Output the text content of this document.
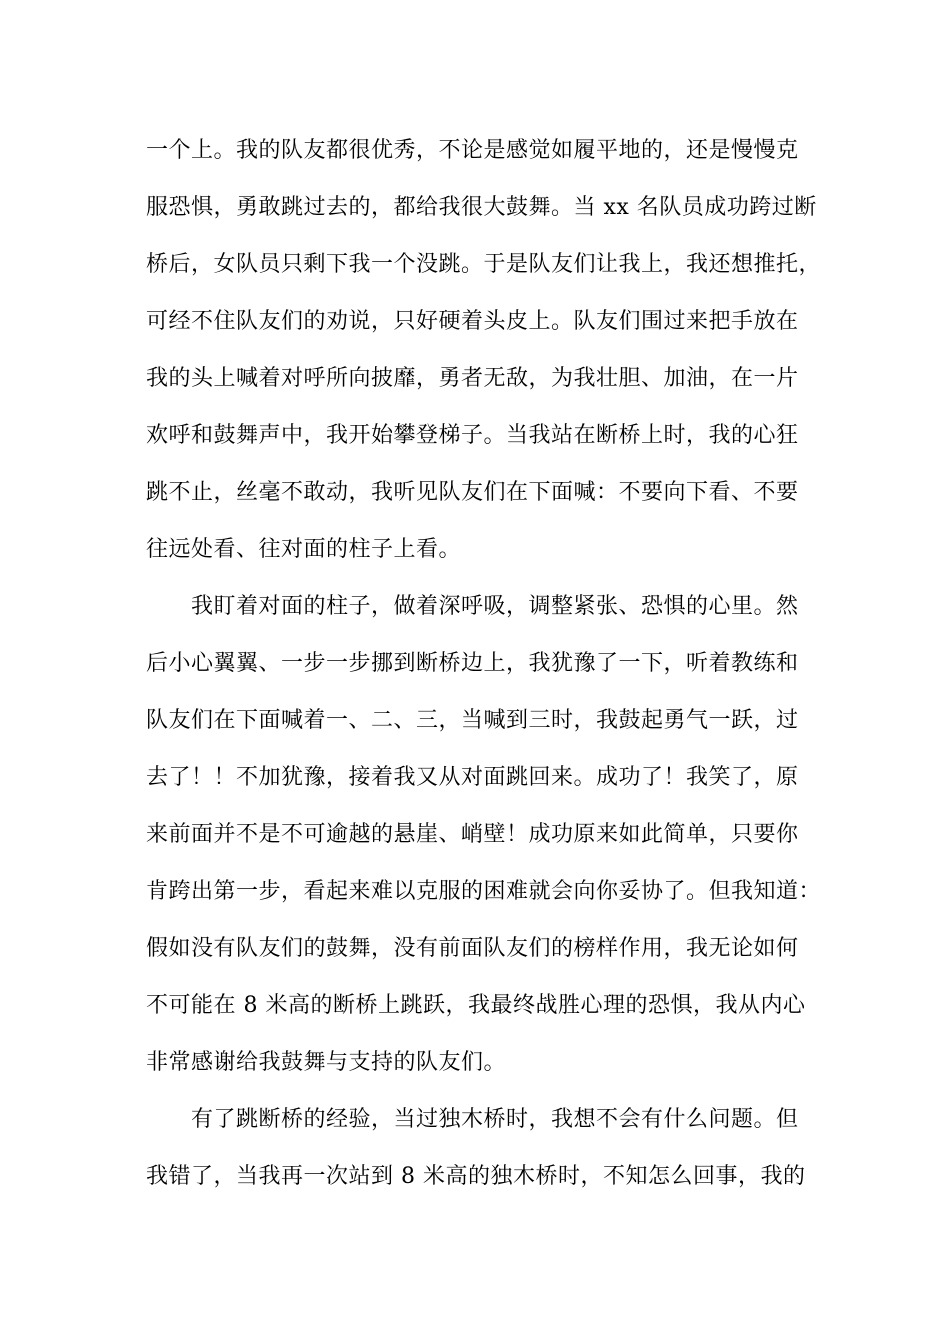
一个上。我的队友都很优秀，不论是感觉如履平地的，还是慢慢克
服恐惧，勇敢跳过去的，都给我很大鼓舞。当 xx 名队员成功跨过断
桥后，女队员只剩下我一个没跳。于是队友们让我上，我还想推托，
可经不住队友们的劝说，只好硬着头皮上。队友们围过来把手放在
我的头上喊着对呼所向披靡，勇者无敌，为我壮胆、加油，在一片
欢呼和鼓舞声中，我开始攀登梯子。当我站在断桥上时，我的心狂
跳不止，丝毫不敢动，我听见队友们在下面喊：不要向下看、不要
往远处看、往对面的柱子上看。
　　我盯着对面的柱子，做着深呼吸，调整紧张、恐惧的心里。然
后小心翼翼、一步一步挪到断桥边上，我犹豫了一下，听着教练和
队友们在下面喊着一、二、三，当喊到三时，我鼓起勇气一跃，过
去了！！不加犹豫，接着我又从对面跳回来。成功了！我笑了，原
来前面并不是不可逾越的悬崖、峭壁！成功原来如此简单，只要你
肯跨出第一步，看起来难以克服的困难就会向你妥协了。但我知道：
假如没有队友们的鼓舞，没有前面队友们的榜样作用，我无论如何
不可能在 8 米高的断桥上跳跃，我最终战胜心理的恐惧，我从内心
非常感谢给我鼓舞与支持的队友们。
　　有了跳断桥的经验，当过独木桥时，我想不会有什么问题。但
我错了，当我再一次站到 8 米高的独木桥时，不知怎么回事，我的
